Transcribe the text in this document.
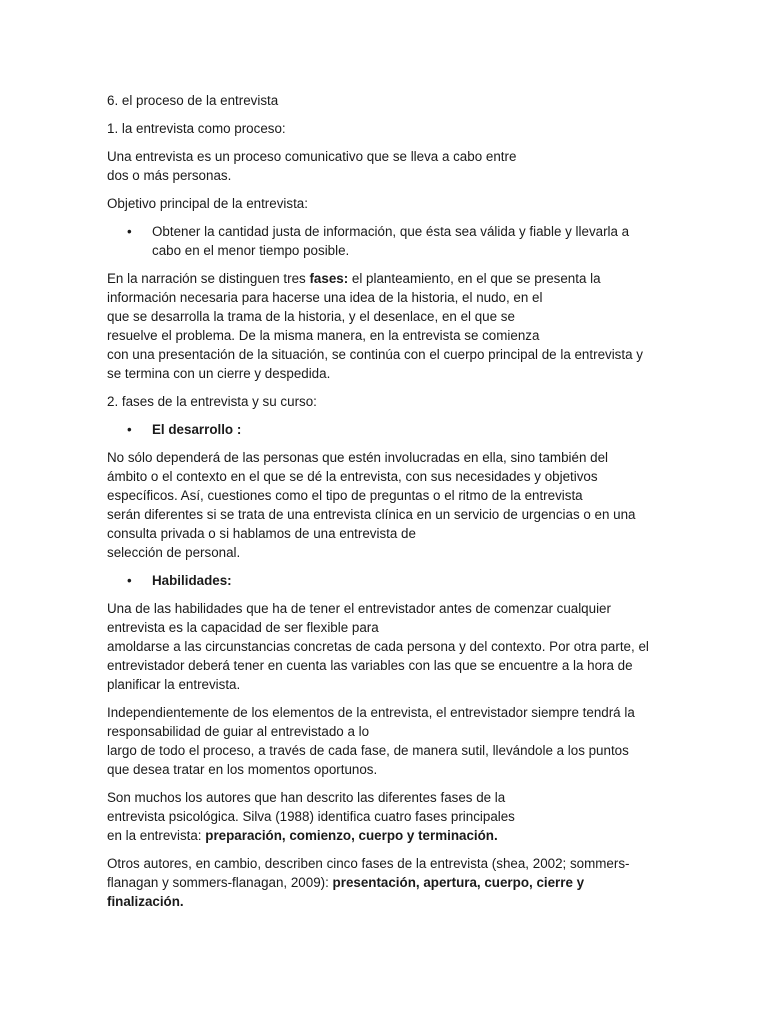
6. el proceso de la entrevista

1. la entrevista como proceso:

Una entrevista es un proceso comunicativo que se lleva a cabo entre
dos o más personas.

Objetivo principal de la entrevista:

• Obtener la cantidad justa de información, que ésta sea válida y fiable y llevarla a
cabo en el menor tiempo posible.

En la narración se distinguen tres fases: el planteamiento, en el que se presenta la
información necesaria para hacerse una idea de la historia, el nudo, en el
que se desarrolla la trama de la historia, y el desenlace, en el que se
resuelve el problema. De la misma manera, en la entrevista se comienza
con una presentación de la situación, se continúa con el cuerpo principal de la entrevista y
se termina con un cierre y despedida.

2. fases de la entrevista y su curso:

• El desarrollo :

No sólo dependerá de las personas que estén involucradas en ella, sino también del
ámbito o el contexto en el que se dé la entrevista, con sus necesidades y objetivos
específicos. Así, cuestiones como el tipo de preguntas o el ritmo de la entrevista
serán diferentes si se trata de una entrevista clínica en un servicio de urgencias o en una
consulta privada o si hablamos de una entrevista de
selección de personal.

• Habilidades:

Una de las habilidades que ha de tener el entrevistador antes de comenzar cualquier
entrevista es la capacidad de ser flexible para
amoldarse a las circunstancias concretas de cada persona y del contexto. Por otra parte, el
entrevistador deberá tener en cuenta las variables con las que se encuentre a la hora de
planificar la entrevista.

Independientemente de los elementos de la entrevista, el entrevistador siempre tendrá la
responsabilidad de guiar al entrevistado a lo
largo de todo el proceso, a través de cada fase, de manera sutil, llevándole a los puntos
que desea tratar en los momentos oportunos.

Son muchos los autores que han descrito las diferentes fases de la
entrevista psicológica. Silva (1988) identifica cuatro fases principales
en la entrevista: preparación, comienzo, cuerpo y terminación.

Otros autores, en cambio, describen cinco fases de la entrevista (shea, 2002; sommers-
flanagan y sommers-flanagan, 2009): presentación, apertura, cuerpo, cierre y
finalización.
